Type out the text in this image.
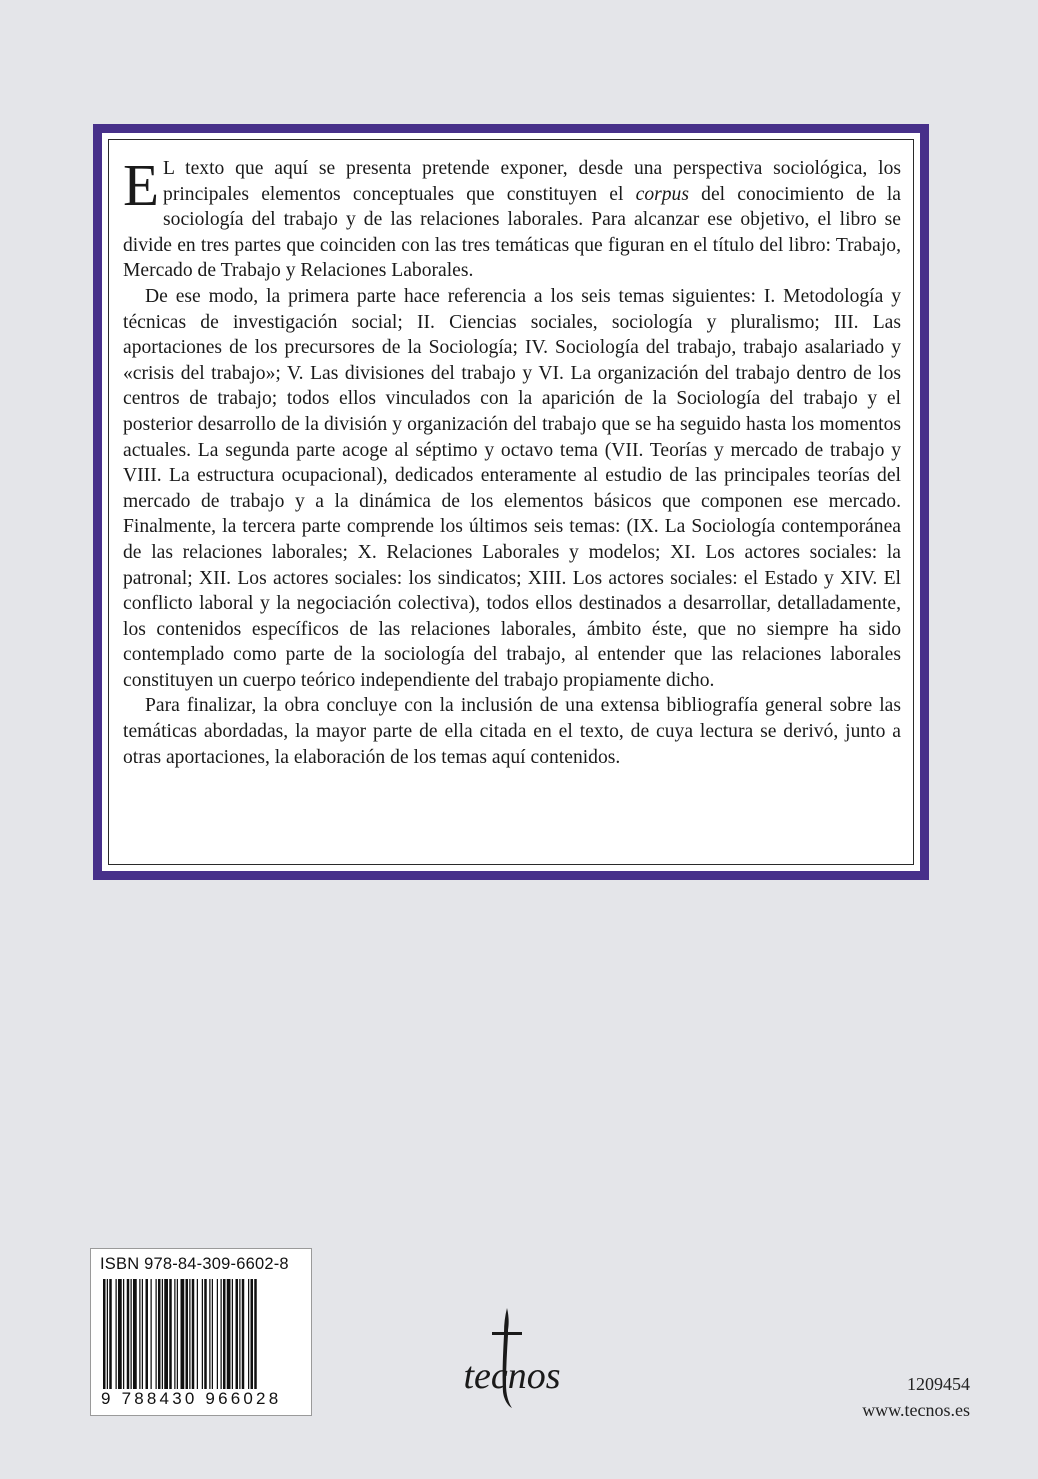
E L texto que aquí se presenta pretende exponer, desde una perspectiva sociológica, los principales elementos conceptuales que constituyen el corpus del conocimiento de la sociología del trabajo y de las relaciones laborales. Para alcanzar ese objetivo, el libro se divide en tres partes que coinciden con las tres temáticas que figuran en el título del libro: Trabajo, Mercado de Trabajo y Relaciones Laborales.

De ese modo, la primera parte hace referencia a los seis temas siguientes: I. Metodología y técnicas de investigación social; II. Ciencias sociales, sociología y pluralismo; III. Las aportaciones de los precursores de la Sociología; IV. Sociología del trabajo, trabajo asalariado y «crisis del trabajo»; V. Las divisiones del trabajo y VI. La organización del trabajo dentro de los centros de trabajo; todos ellos vinculados con la aparición de la Sociología del trabajo y el posterior desarrollo de la división y organización del trabajo que se ha seguido hasta los momentos actuales. La segunda parte acoge al séptimo y octavo tema (VII. Teorías y mercado de trabajo y VIII. La estructura ocupacional), dedicados enteramente al estudio de las principales teorías del mercado de trabajo y a la dinámica de los elementos básicos que componen ese mercado. Finalmente, la tercera parte comprende los últimos seis temas: (IX. La Sociología contemporánea de las relaciones laborales; X. Relaciones Laborales y modelos; XI. Los actores sociales: la patronal; XII. Los actores sociales: los sindicatos; XIII. Los actores sociales: el Estado y XIV. El conflicto laboral y la negociación colectiva), todos ellos destinados a desarrollar, detalladamente, los contenidos específicos de las relaciones laborales, ámbito éste, que no siempre ha sido contemplado como parte de la sociología del trabajo, al entender que las relaciones laborales constituyen un cuerpo teórico independiente del trabajo propiamente dicho.

Para finalizar, la obra concluye con la inclusión de una extensa bibliografía general sobre las temáticas abordadas, la mayor parte de ella citada en el texto, de cuya lectura se derivó, junto a otras aportaciones, la elaboración de los temas aquí contenidos.

ISBN 978-84-309-6602-8
9 788430 966028
tecnos	1209454
www.tecnos.es
